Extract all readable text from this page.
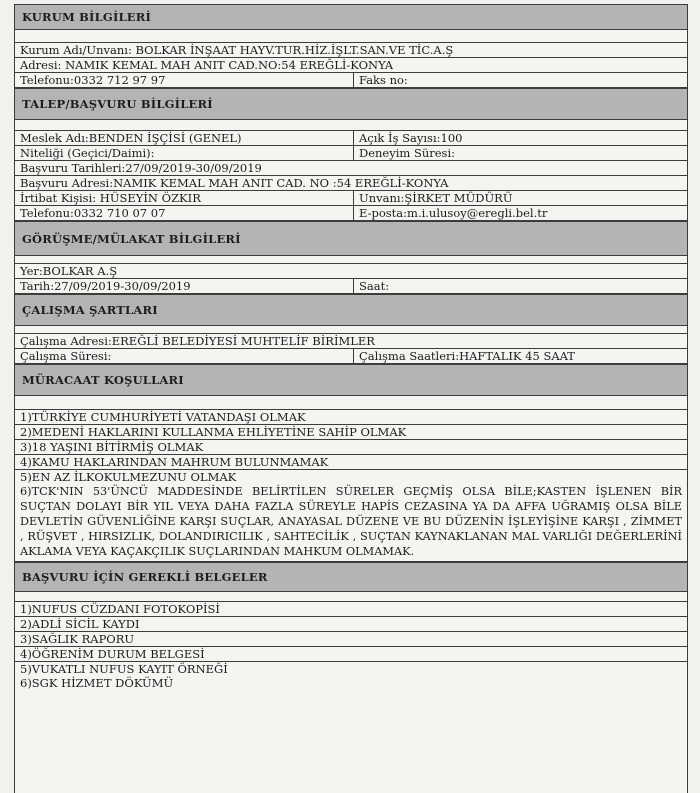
KURUM BİLGİLERİ
Kurum Adı/Unvanı: BOLKAR İNŞAAT HAYV.TUR.HİZ.İŞLT.SAN.VE TİC.A.Ş
Adresi: NAMIK KEMAL MAH ANIT CAD.NO:54 EREĞLİ-KONYA
Telefonu:0332 712 97 97	Faks no:
TALEP/BAŞVURU BİLGİLERİ
Meslek Adı:BENDEN İŞÇİSİ (GENEL)	Açık İş Sayısı:100
Niteliği (Geçici/Daimi):	Deneyim Süresi:
Başvuru Tarihleri:27/09/2019-30/09/2019
Başvuru Adresi:NAMIK KEMAL MAH ANIT CAD. NO :54 EREĞLİ-KONYA
İrtibat Kişisi: HÜSEYİN ÖZKIR	Unvanı:ŞİRKET MÜDÜRÜ
Telefonu:0332 710 07 07	E-posta:m.i.ulusoy@eregli.bel.tr
GÖRÜŞME/MÜLAKAT BİLGİLERİ
Yer:BOLKAR A.Ş
Tarih:27/09/2019-30/09/2019	Saat:
ÇALIŞMA ŞARTLARI
Çalışma Adresi:EREĞLİ BELEDİYESİ MUHTELİF BİRİMLER
Çalışma Süresi:	Çalışma Saatleri:HAFTALIK 45 SAAT
MÜRACAAT KOŞULLARI
1)TÜRKİYE CUMHURİYETİ VATANDAŞI OLMAK
2)MEDENİ HAKLARINI KULLANMA EHLİYETİNE SAHİP OLMAK
3)18 YAŞINI BİTİRMİŞ OLMAK
4)KAMU HAKLARINDAN MAHRUM BULUNMAMAK
5)EN AZ İLKOKULMEZUNU OLMAK
6)TCK'NIN 53'ÜNCÜ MADDESİNDE BELİRTİLEN SÜRELER GEÇMİŞ OLSA BİLE;KASTEN İŞLENEN BİR SUÇTAN DOLAYI BİR YIL VEYA DAHA FAZLA SÜREYLE HAPİS CEZASINA YA DA AFFA UĞRAMIŞ OLSA BİLE DEVLETİN GÜVENLİĞİNE KARŞI SUÇLAR, ANAYASAL DÜZENE VE BU DÜZENİN İŞLEYİŞİNE KARŞI , ZİMMET , RÜŞVET , HIRSIZLIK, DOLANDIRICILIK , SAHTECİLİK , SUÇTAN KAYNAKLANAN MAL VARLIĞI DEĞERLERİNİ AKLAMA VEYA KAÇAKÇILIK SUÇLARINDAN MAHKUM OLMAMAK.
BAŞVURU İÇİN GEREKLİ BELGELER
1)NUFUS CÜZDANI FOTOKOPİSİ
2)ADLİ SİCİL KAYDI
3)SAĞLIK RAPORU
4)ÖĞRENİM DURUM BELGESİ
5)VUKATLI NUFUS KAYIT ÖRNEĞİ
6)SGK HİZMET DÖKÜMÜ
